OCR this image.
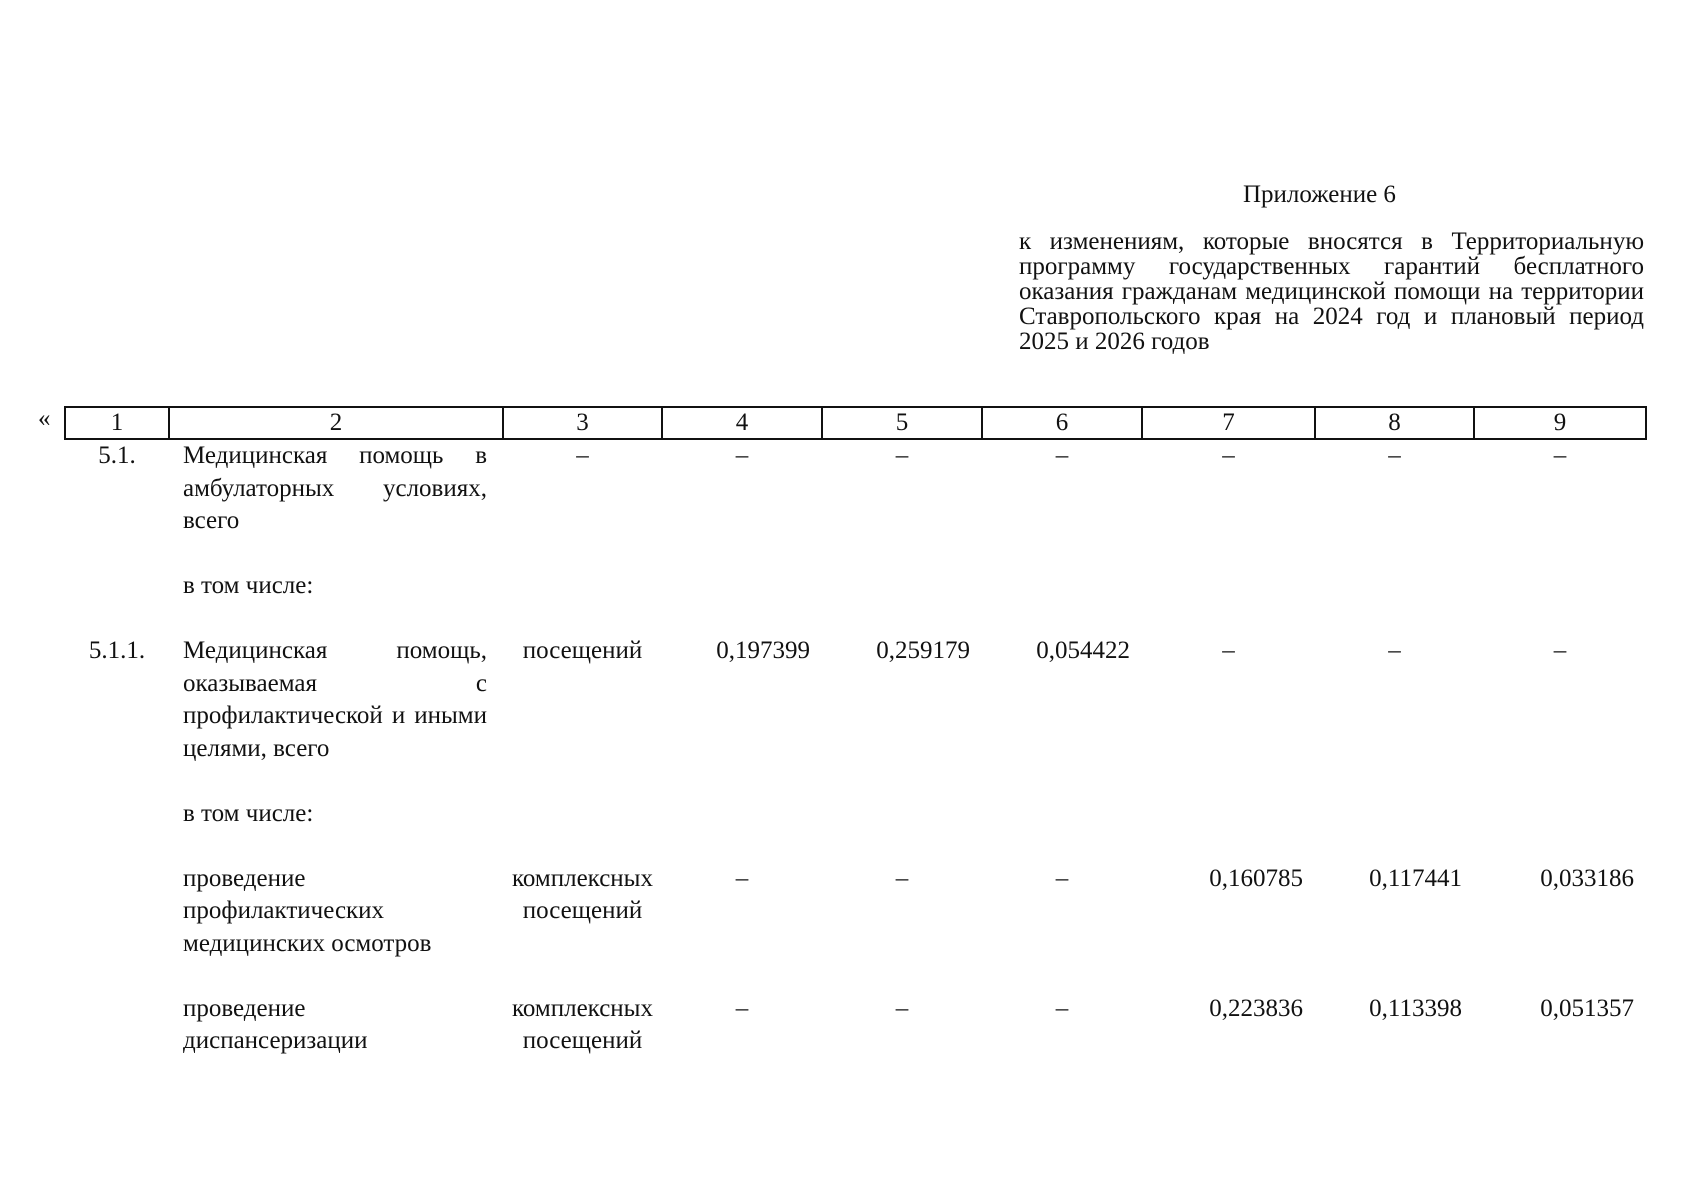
Приложение 6
к изменениям, которые вносятся в Территориальную программу государственных гарантий бесплатного оказания гражданам медицинской помощи на территории Ставропольского края на 2024 год и плановый период 2025 и 2026 годов
« 1	2	3	4	5	6	7	8	9
5.1.	Медицинская помощь в амбулаторных условиях, всего	–	–	–	–	–	–	–

	в том числе:							

5.1.1.	Медицинская помощь, оказываемая с профилактической и иными целями, всего	посещений	0,197399	0,259179	0,054422	–	–	–

	в том числе:							

	проведение профилактических медицинских осмотров	комплексных посещений	–	–	–	0,160785	0,117441	0,033186

	проведение диспансеризации	комплексных посещений	–	–	–	0,223836	0,113398	0,051357
